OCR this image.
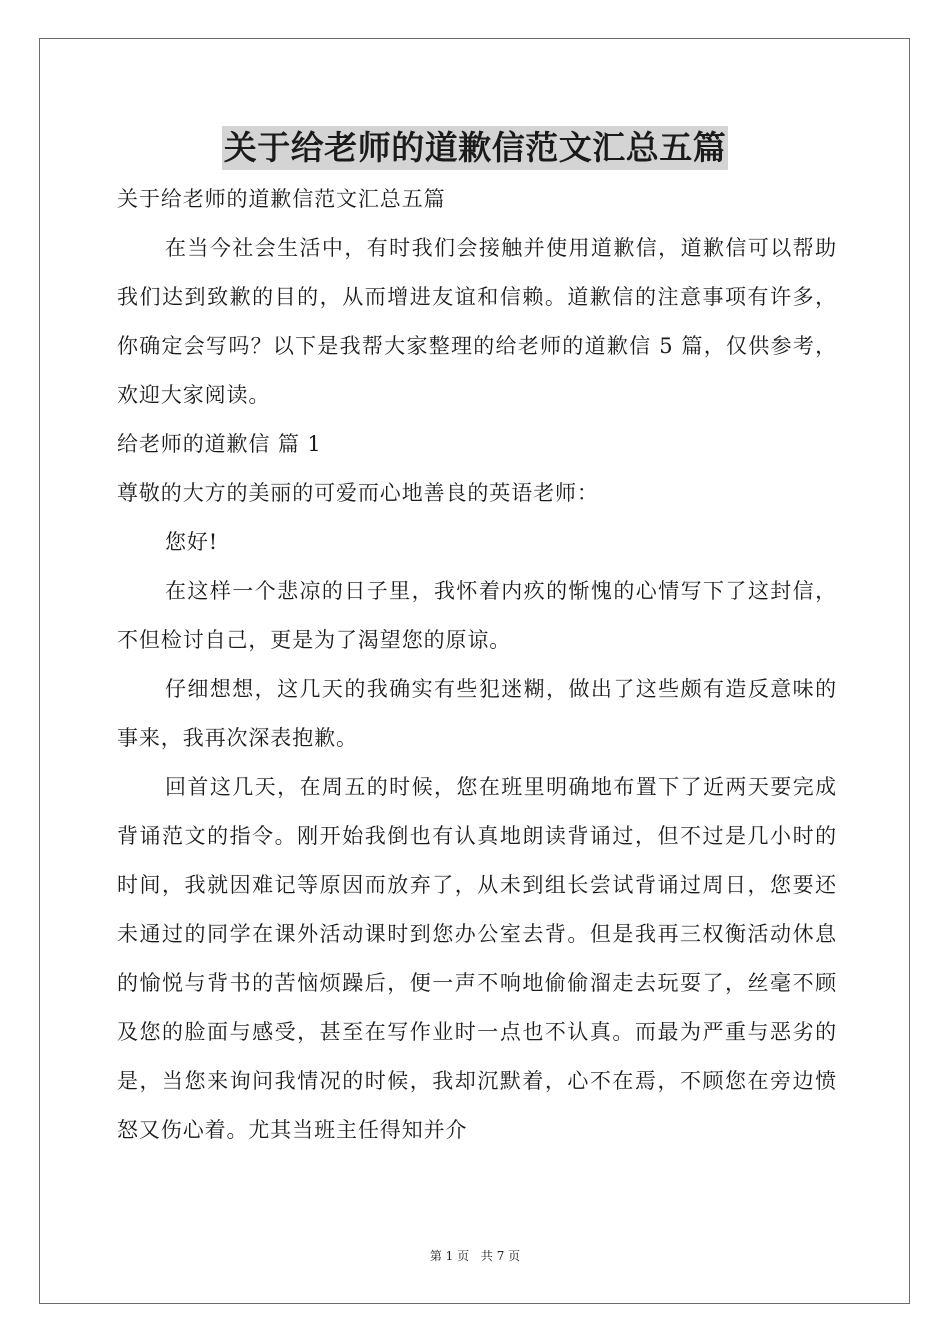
关于给老师的道歉信范文汇总五篇
关于给老师的道歉信范文汇总五篇

在当今社会生活中，有时我们会接触并使用道歉信，道歉信可以帮助我们达到致歉的目的，从而增进友谊和信赖。道歉信的注意事项有许多，你确定会写吗？以下是我帮大家整理的给老师的道歉信 5 篇，仅供参考，欢迎大家阅读。

给老师的道歉信 篇 1
尊敬的大方的美丽的可爱而心地善良的英语老师：

您好!

在这样一个悲凉的日子里，我怀着内疚的惭愧的心情写下了这封信，不但检讨自己，更是为了渴望您的原谅。

仔细想想，这几天的我确实有些犯迷糊，做出了这些颇有造反意味的事来，我再次深表抱歉。

回首这几天，在周五的时候，您在班里明确地布置下了近两天要完成背诵范文的指令。刚开始我倒也有认真地朗读背诵过，但不过是几小时的时间，我就因难记等原因而放弃了，从未到组长尝试背诵过周日，您要还未通过的同学在课外活动课时到您办公室去背。但是我再三权衡活动休息的愉悦与背书的苦恼烦躁后，便一声不响地偷偷溜走去玩耍了，丝毫不顾及您的脸面与感受，甚至在写作业时一点也不认真。而最为严重与恶劣的是，当您来询问我情况的时候，我却沉默着，心不在焉，不顾您在旁边愤怒又伤心着。尤其当班主任得知并介

第 1 页 共 7 页
